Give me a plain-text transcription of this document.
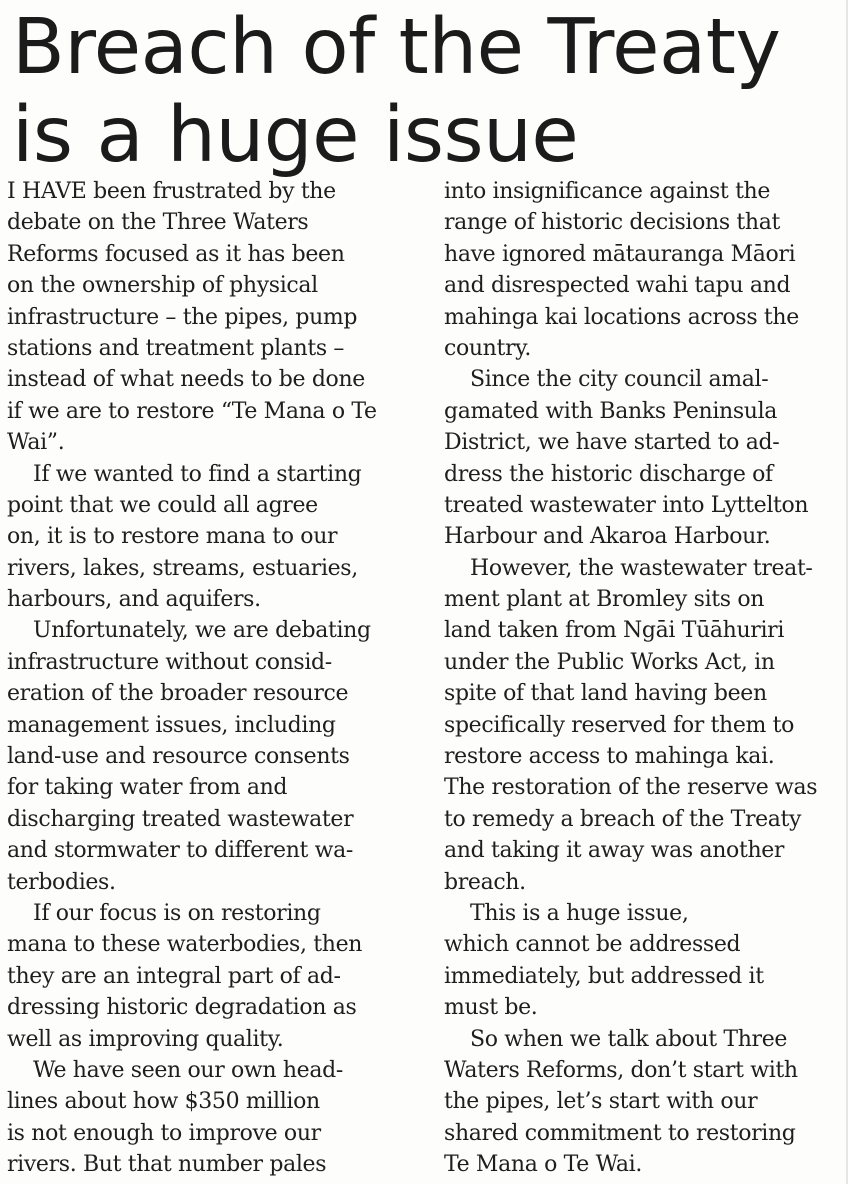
Breach of the Treaty
is a huge issue
I HAVE been frustrated by the
debate on the Three Waters
Reforms focused as it has been
on the ownership of physical
infrastructure – the pipes, pump
stations and treatment plants –
instead of what needs to be done
if we are to restore “Te Mana o Te
Wai”.
If we wanted to find a starting
point that we could all agree
on, it is to restore mana to our
rivers, lakes, streams, estuaries,
harbours, and aquifers.
Unfortunately, we are debating
infrastructure without consid-
eration of the broader resource
management issues, including
land-use and resource consents
for taking water from and
discharging treated wastewater
and stormwater to different wa-
terbodies.
If our focus is on restoring
mana to these waterbodies, then
they are an integral part of ad-
dressing historic degradation as
well as improving quality.
We have seen our own head-
lines about how $350 million
is not enough to improve our
rivers. But that number pales
into insignificance against the
range of historic decisions that
have ignored mātauranga Māori
and disrespected wahi tapu and
mahinga kai locations across the
country.
Since the city council amal-
gamated with Banks Peninsula
District, we have started to ad-
dress the historic discharge of
treated wastewater into Lyttelton
Harbour and Akaroa Harbour.
However, the wastewater treat-
ment plant at Bromley sits on
land taken from Ngāi Tūāhuriri
under the Public Works Act, in
spite of that land having been
specifically reserved for them to
restore access to mahinga kai.
The restoration of the reserve was
to remedy a breach of the Treaty
and taking it away was another
breach.
This is a huge issue,
which cannot be addressed
immediately, but addressed it
must be.
So when we talk about Three
Waters Reforms, don’t start with
the pipes, let’s start with our
shared commitment to restoring
Te Mana o Te Wai.
